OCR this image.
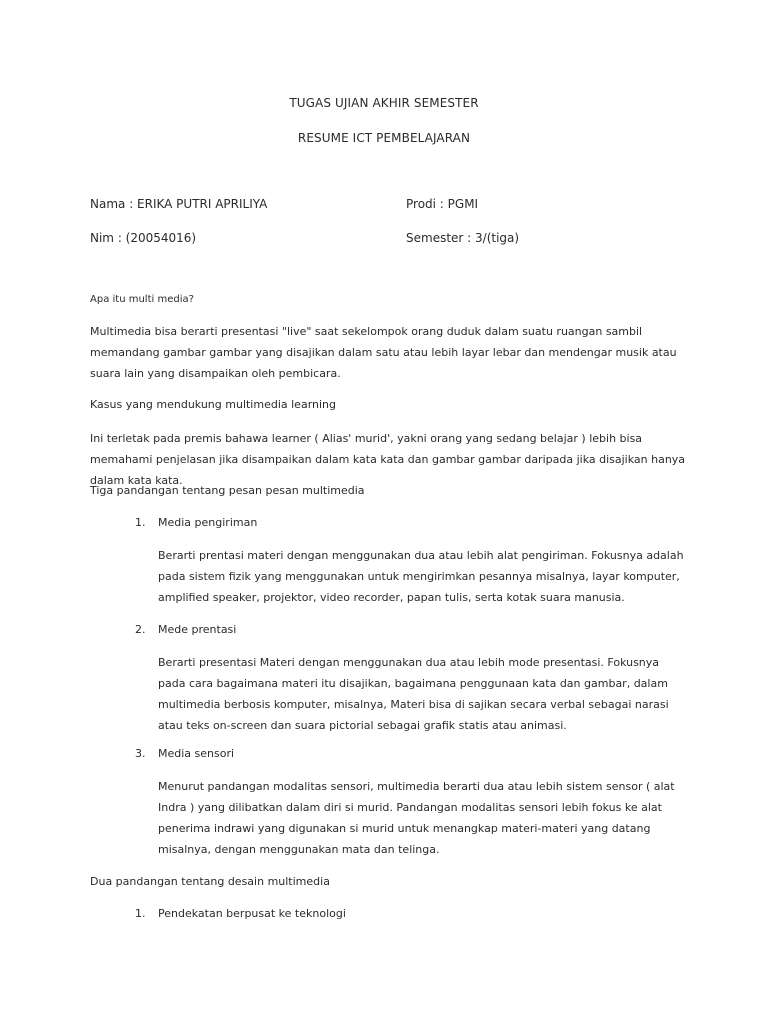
TUGAS UJIAN AKHIR SEMESTER
RESUME ICT PEMBELAJARAN
Nama : ERIKA PUTRI APRILIYA	Prodi : PGMI
Nim : (20054016)	Semester : 3/(tiga)
Apa itu multi media?
Multimedia bisa berarti presentasi "live" saat sekelompok orang duduk dalam suatu ruangan sambil memandang gambar gambar yang disajikan dalam satu atau lebih layar lebar dan mendengar musik atau suara lain yang disampaikan oleh pembicara.
Kasus yang mendukung multimedia learning
Ini terletak pada premis bahawa learner ( Alias' murid', yakni orang yang sedang belajar ) lebih bisa memahami penjelasan jika disampaikan dalam kata kata dan gambar gambar daripada jika disajikan hanya dalam kata kata.
Tiga pandangan tentang pesan pesan multimedia
1. Media pengiriman
Berarti prentasi materi dengan menggunakan dua atau lebih alat pengiriman. Fokusnya adalah pada sistem fizik yang menggunakan untuk mengirimkan pesannya misalnya, layar komputer, amplified speaker, projektor, video recorder, papan tulis, serta kotak suara manusia.
2. Mede prentasi
Berarti presentasi Materi dengan menggunakan dua atau lebih mode presentasi. Fokusnya pada cara bagaimana materi itu disajikan, bagaimana penggunaan kata dan gambar, dalam multimedia berbosis komputer, misalnya, Materi bisa di sajikan secara verbal sebagai narasi atau teks on-screen dan suara pictorial sebagai grafik statis atau animasi.
3. Media sensori
Menurut pandangan modalitas sensori, multimedia berarti dua atau lebih sistem sensor ( alat Indra ) yang dilibatkan dalam diri si murid. Pandangan modalitas sensori lebih fokus ke alat penerima indrawi yang digunakan si murid untuk menangkap materi-materi yang datang misalnya, dengan menggunakan mata dan telinga.
Dua pandangan tentang desain multimedia
1. Pendekatan berpusat ke teknologi
